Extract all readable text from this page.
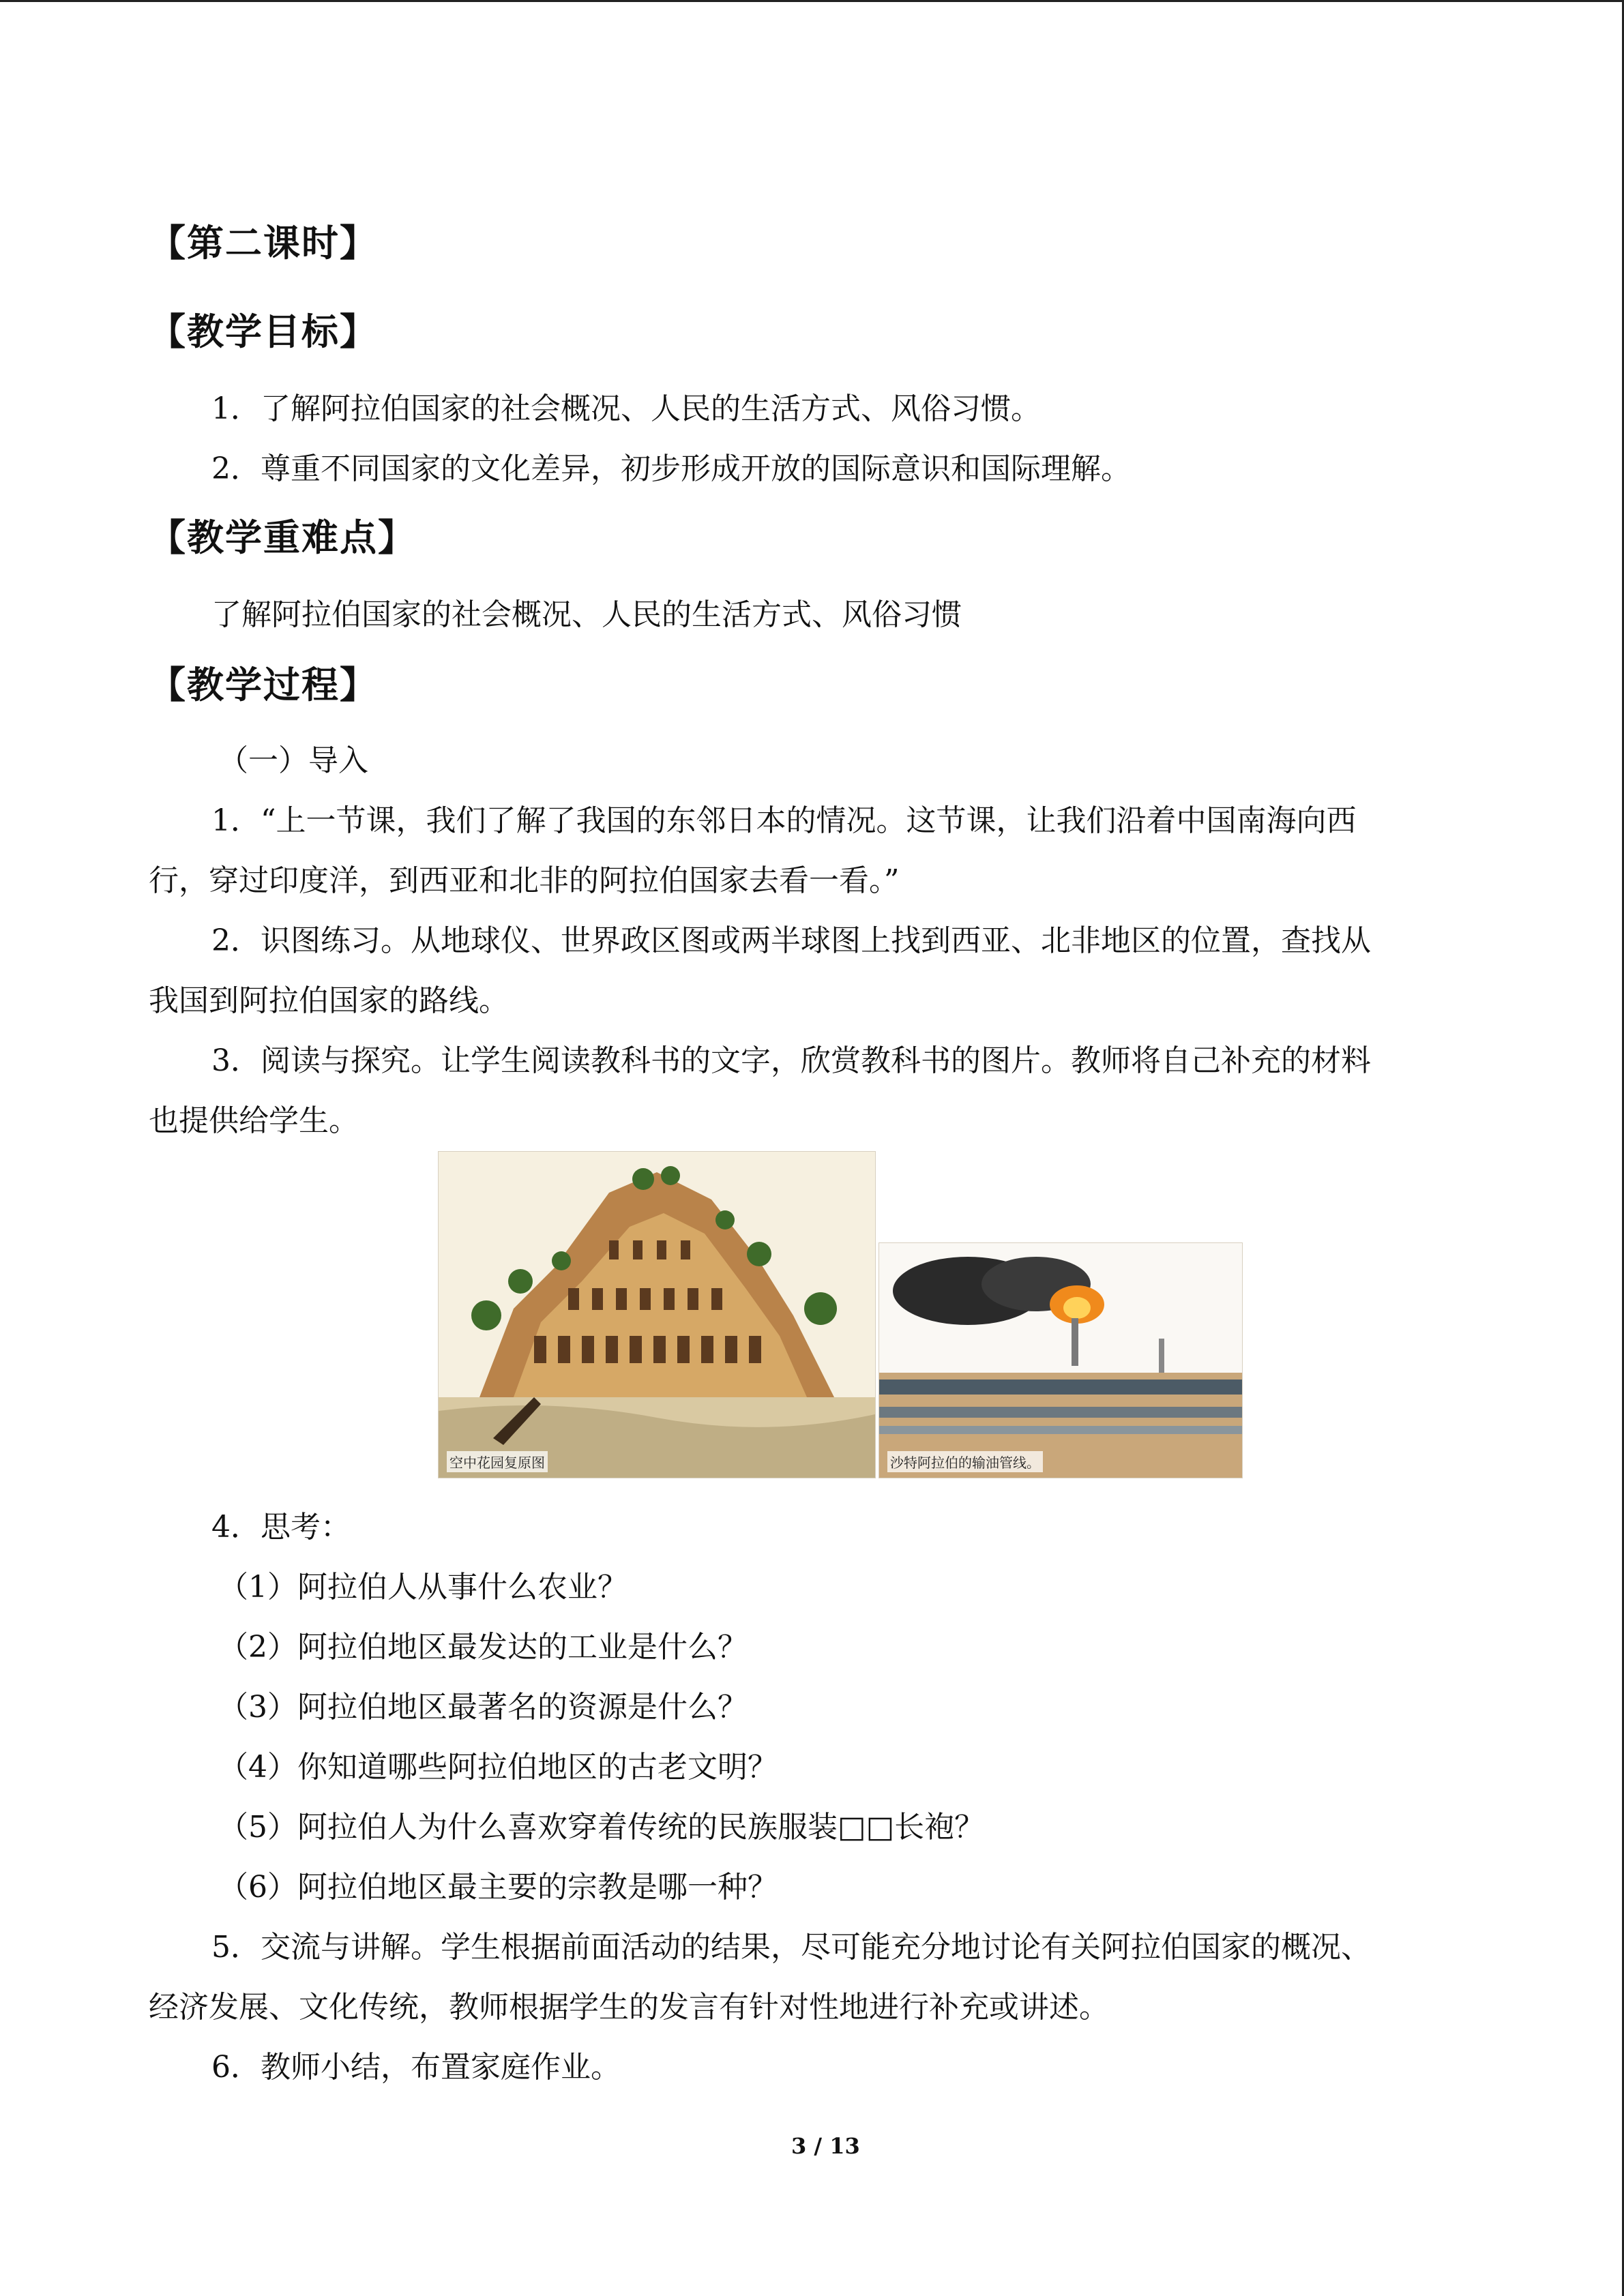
【第二课时】
【教学目标】
1．了解阿拉伯国家的社会概况、人民的生活方式、风俗习惯。
2．尊重不同国家的文化差异，初步形成开放的国际意识和国际理解。
【教学重难点】
了解阿拉伯国家的社会概况、人民的生活方式、风俗习惯
【教学过程】
（一）导入
1．“上一节课，我们了解了我国的东邻日本的情况。这节课，让我们沿着中国南海向西
行，穿过印度洋，到西亚和北非的阿拉伯国家去看一看。”
2．识图练习。从地球仪、世界政区图或两半球图上找到西亚、北非地区的位置，查找从
我国到阿拉伯国家的路线。
3．阅读与探究。让学生阅读教科书的文字，欣赏教科书的图片。教师将自己补充的材料
也提供给学生。
空中花园复原图	沙特阿拉伯的输油管线。
4．思考：
（1）阿拉伯人从事什么农业？
（2）阿拉伯地区最发达的工业是什么？
（3）阿拉伯地区最著名的资源是什么？
（4）你知道哪些阿拉伯地区的古老文明？
（5）阿拉伯人为什么喜欢穿着传统的民族服装□□长袍？
（6）阿拉伯地区最主要的宗教是哪一种？
5．交流与讲解。学生根据前面活动的结果，尽可能充分地讨论有关阿拉伯国家的概况、
经济发展、文化传统，教师根据学生的发言有针对性地进行补充或讲述。
6．教师小结，布置家庭作业。
3 / 13
